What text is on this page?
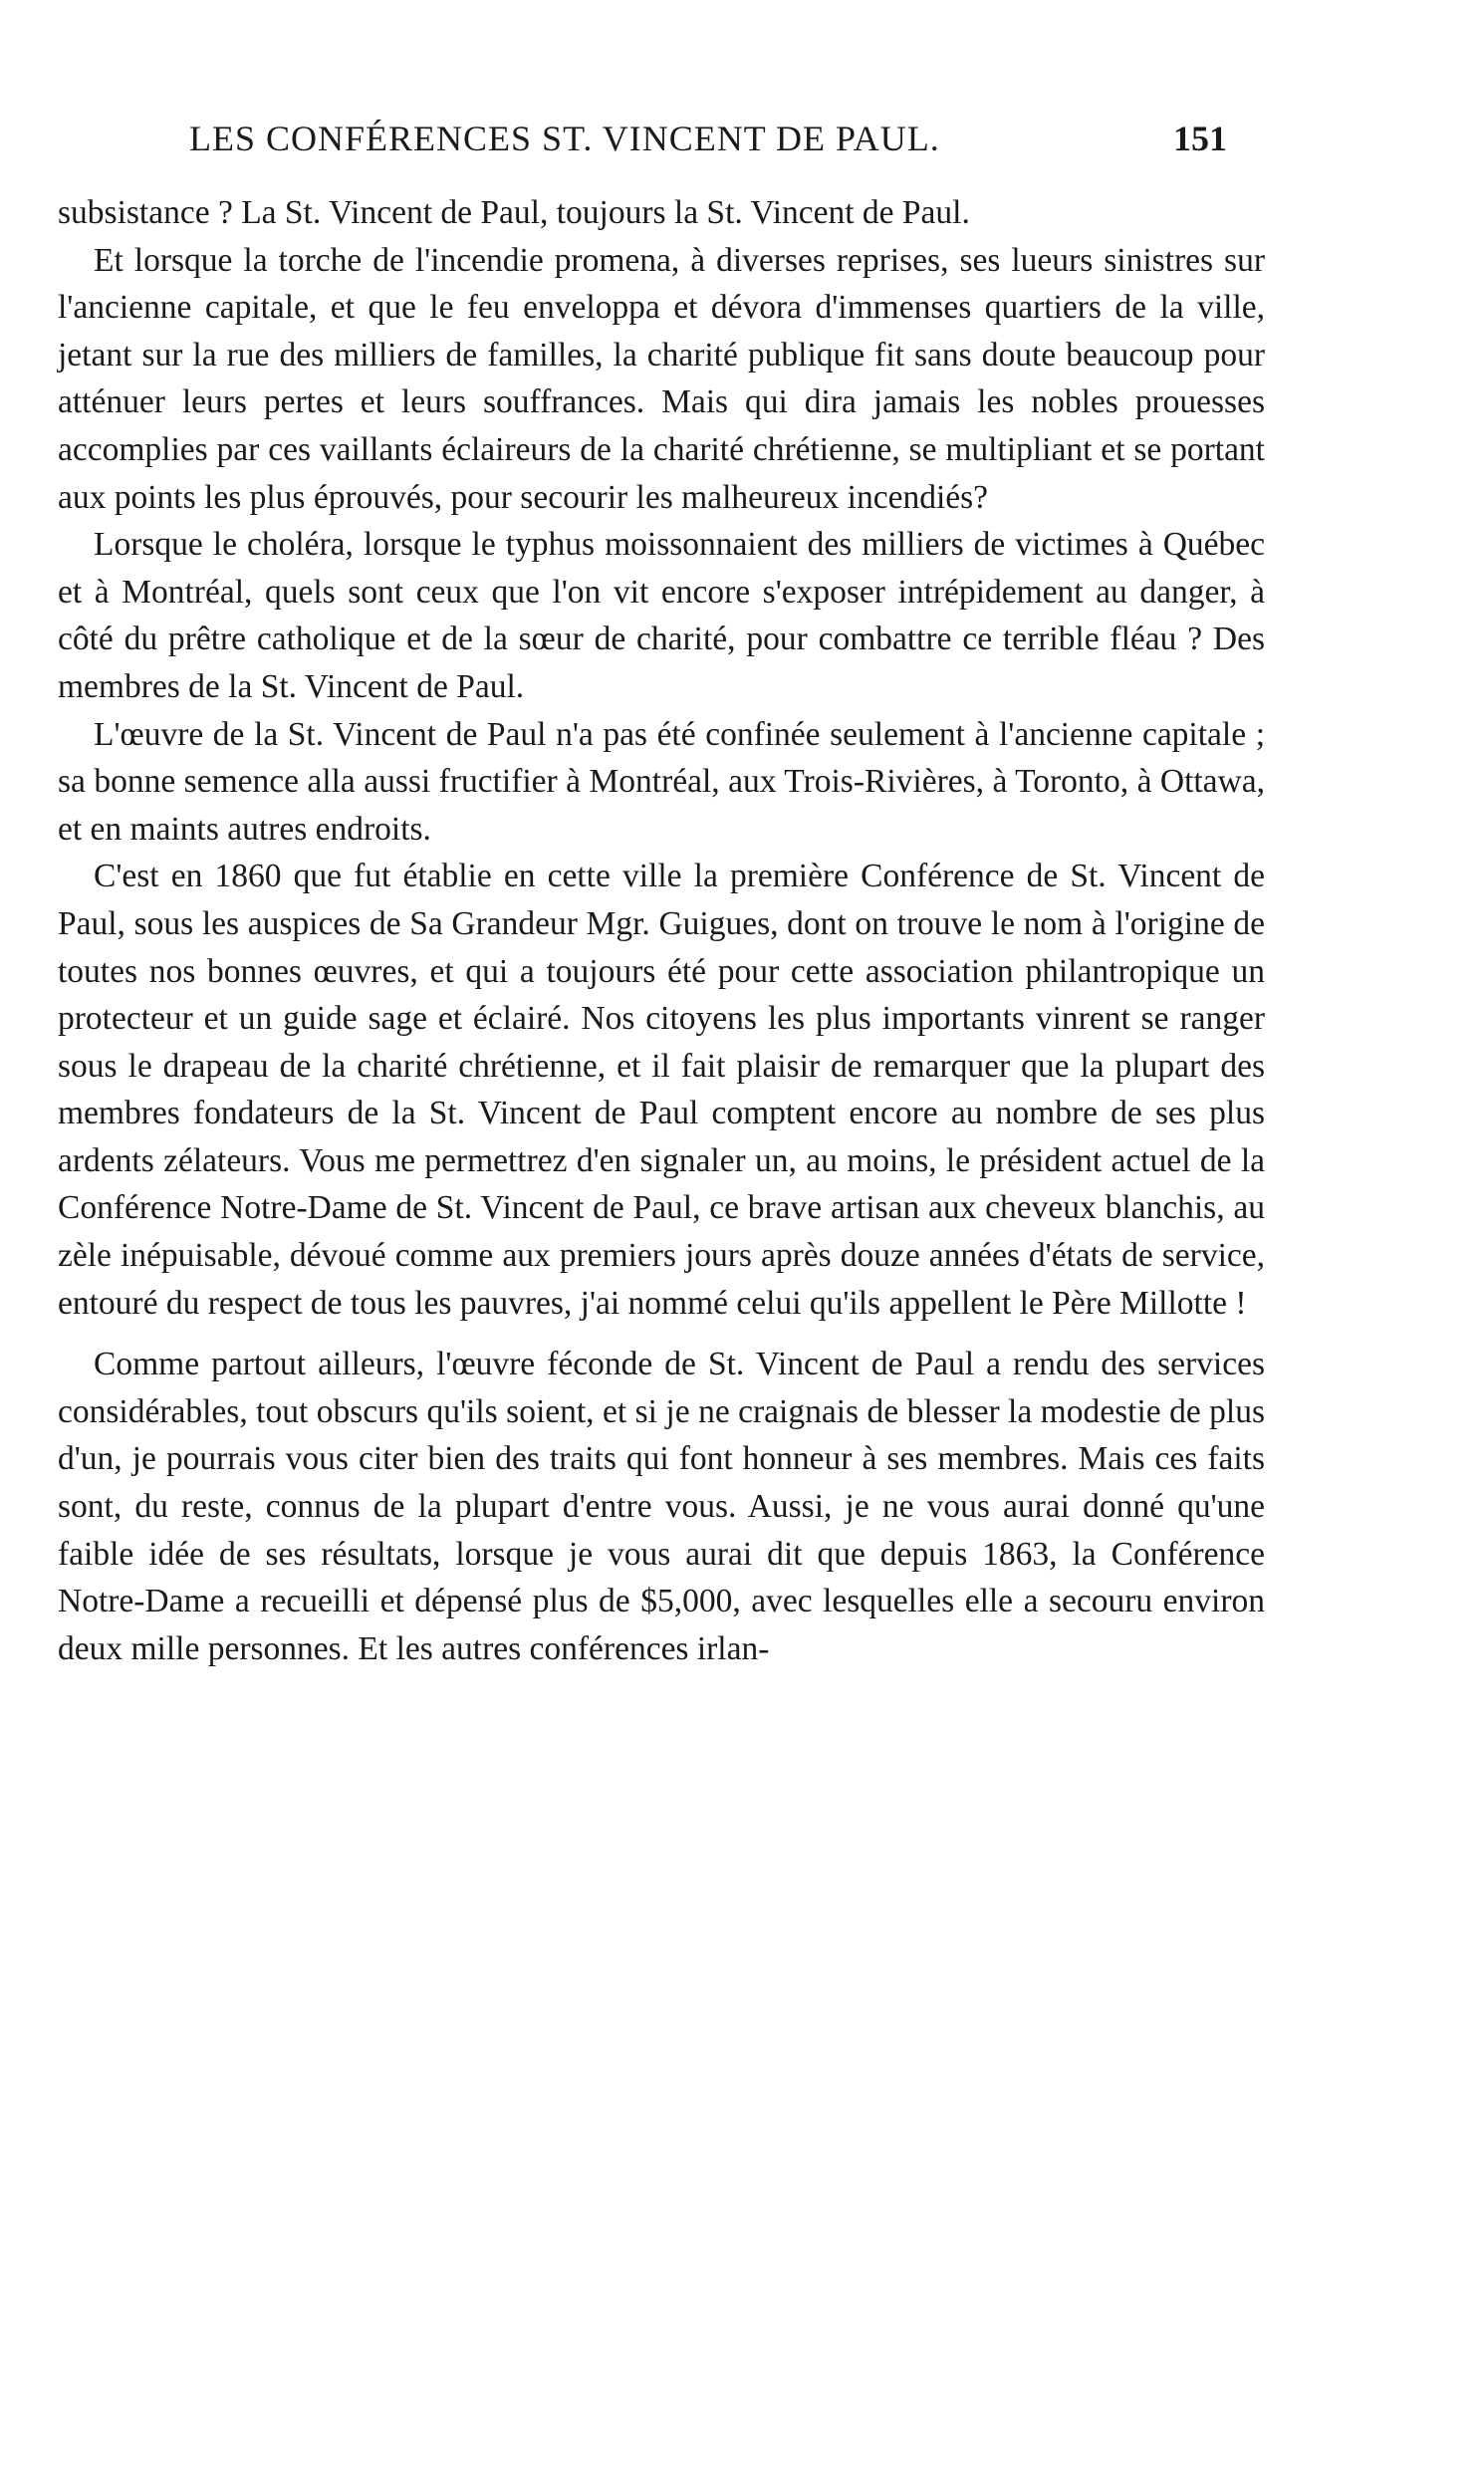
LES CONFÉRENCES ST. VINCENT DE PAUL.	151

subsistance ? La St. Vincent de Paul, toujours la St. Vincent de Paul.

Et lorsque la torche de l'incendie promena, à diverses reprises, ses lueurs sinistres sur l'ancienne capitale, et que le feu enveloppa et dévora d'immenses quartiers de la ville, jetant sur la rue des milliers de familles, la charité publique fit sans doute beaucoup pour atténuer leurs pertes et leurs souffrances. Mais qui dira jamais les nobles prouesses accomplies par ces vaillants éclaireurs de la charité chrétienne, se multipliant et se portant aux points les plus éprouvés, pour secourir les malheureux incendiés?

Lorsque le choléra, lorsque le typhus moissonnaient des milliers de victimes à Québec et à Montréal, quels sont ceux que l'on vit encore s'exposer intrépidement au danger, à côté du prêtre catholique et de la sœur de charité, pour combattre ce terrible fléau ? Des membres de la St. Vincent de Paul.

L'œuvre de la St. Vincent de Paul n'a pas été confinée seulement à l'ancienne capitale ; sa bonne semence alla aussi fructifier à Montréal, aux Trois-Rivières, à Toronto, à Ottawa, et en maints autres endroits.

C'est en 1860 que fut établie en cette ville la première Conférence de St. Vincent de Paul, sous les auspices de Sa Grandeur Mgr. Guigues, dont on trouve le nom à l'origine de toutes nos bonnes œuvres, et qui a toujours été pour cette association philantropique un protecteur et un guide sage et éclairé. Nos citoyens les plus importants vinrent se ranger sous le drapeau de la charité chrétienne, et il fait plaisir de remarquer que la plupart des membres fondateurs de la St. Vincent de Paul comptent encore au nombre de ses plus ardents zélateurs. Vous me permettrez d'en signaler un, au moins, le président actuel de la Conférence Notre-Dame de St. Vincent de Paul, ce brave artisan aux cheveux blanchis, au zèle inépuisable, dévoué comme aux premiers jours après douze années d'états de service, entouré du respect de tous les pauvres, j'ai nommé celui qu'ils appellent le Père Millotte !

Comme partout ailleurs, l'œuvre féconde de St. Vincent de Paul a rendu des services considérables, tout obscurs qu'ils soient, et si je ne craignais de blesser la modestie de plus d'un, je pourrais vous citer bien des traits qui font honneur à ses membres. Mais ces faits sont, du reste, connus de la plupart d'entre vous. Aussi, je ne vous aurai donné qu'une faible idée de ses résultats, lorsque je vous aurai dit que depuis 1863, la Conférence Notre-Dame a recueilli et dépensé plus de $5,000, avec lesquelles elle a secouru environ deux mille personnes. Et les autres conférences irlan-
